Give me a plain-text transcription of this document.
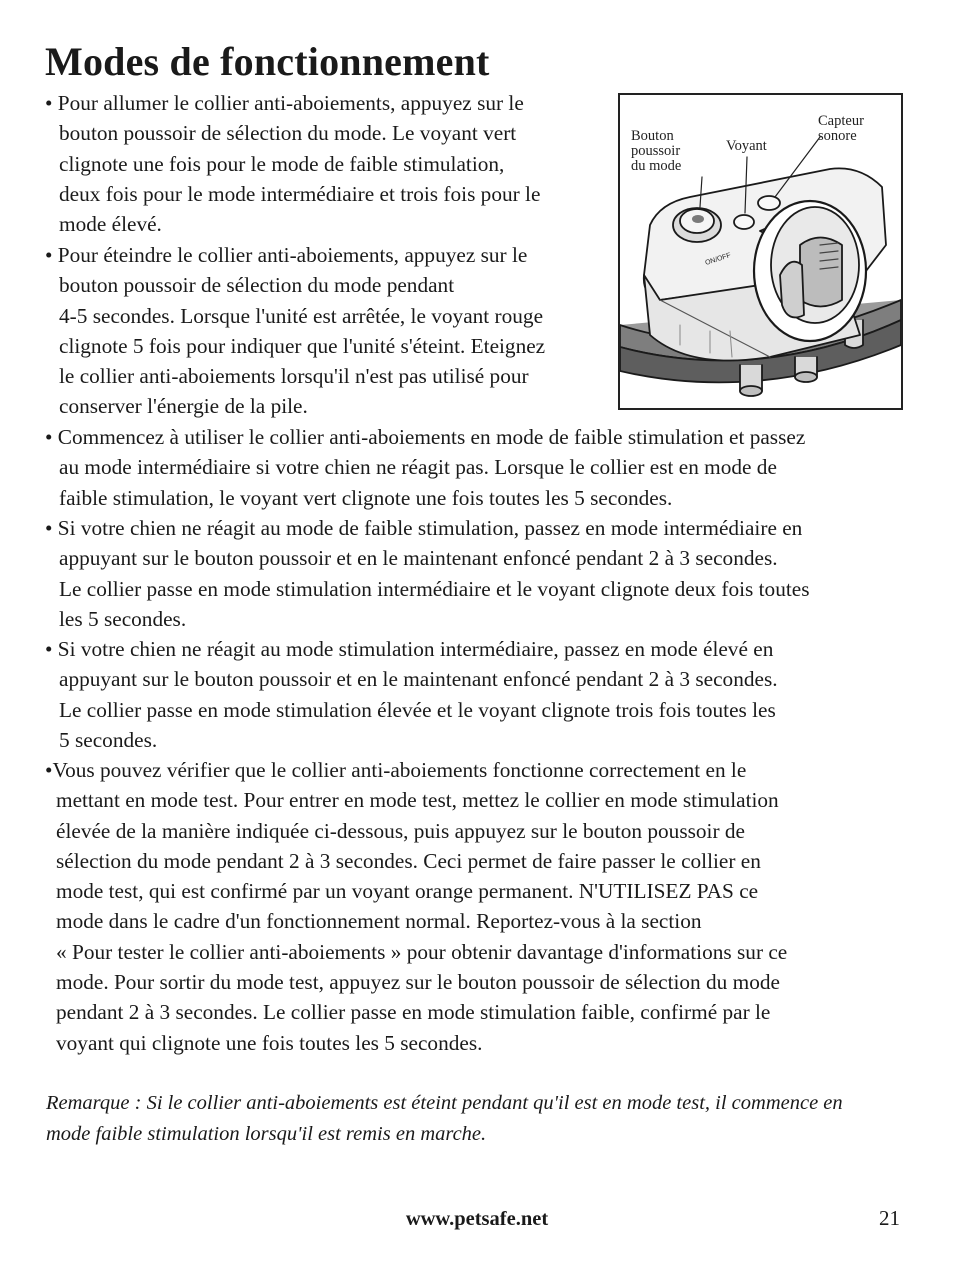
Modes de fonctionnement
• Pour allumer le collier anti-aboiements, appuyez sur le
bouton poussoir de sélection du mode. Le voyant vert
clignote une fois pour le mode de faible stimulation,
deux fois pour le mode intermédiaire et trois fois pour le
mode élevé.
• Pour éteindre le collier anti-aboiements, appuyez sur le
bouton poussoir de sélection du mode pendant
4-5 secondes. Lorsque l'unité est arrêtée, le voyant rouge
clignote 5 fois pour indiquer que l'unité s'éteint. Eteignez
le collier anti-aboiements lorsqu'il n'est pas utilisé pour
conserver l'énergie de la pile.
• Commencez à utiliser le collier anti-aboiements en mode de faible stimulation et passez
au mode intermédiaire si votre chien ne réagit pas. Lorsque le collier est en mode de
faible stimulation, le voyant vert clignote une fois toutes les 5 secondes.
• Si votre chien ne réagit au mode de faible stimulation, passez en mode intermédiaire en
appuyant sur le bouton poussoir et en le maintenant enfoncé pendant 2 à 3 secondes.
Le collier passe en mode stimulation intermédiaire et le voyant clignote deux fois toutes
les 5 secondes.
• Si votre chien ne réagit au mode stimulation intermédiaire, passez en mode élevé en
appuyant sur le bouton poussoir et en le maintenant enfoncé pendant 2 à 3 secondes.
Le collier passe en mode stimulation élevée et le voyant clignote trois fois toutes les
5 secondes.
•Vous pouvez vérifier que le collier anti-aboiements fonctionne correctement en le
mettant en mode test. Pour entrer en mode test, mettez le collier en mode stimulation
élevée de la manière indiquée ci-dessous, puis appuyez sur le bouton poussoir de
sélection du mode pendant 2 à 3 secondes. Ceci permet de faire passer le collier en
mode test, qui est confirmé par un voyant orange permanent. N'UTILISEZ PAS ce
mode dans le cadre d'un fonctionnement normal. Reportez-vous à la section
« Pour tester le collier anti-aboiements » pour obtenir davantage d'informations sur ce
mode. Pour sortir du mode test, appuyez sur le bouton poussoir de sélection du mode
pendant 2 à 3 secondes. Le collier passe en mode stimulation faible, confirmé par le
voyant qui clignote une fois toutes les 5 secondes.

Remarque : Si le collier anti-aboiements est éteint pendant qu'il est en mode test, il commence en
mode faible stimulation lorsqu'il est remis en marche.

ON/OFF
Bouton
poussoir
du mode
Voyant
Capteur
sonore

www.petsafe.net	21
